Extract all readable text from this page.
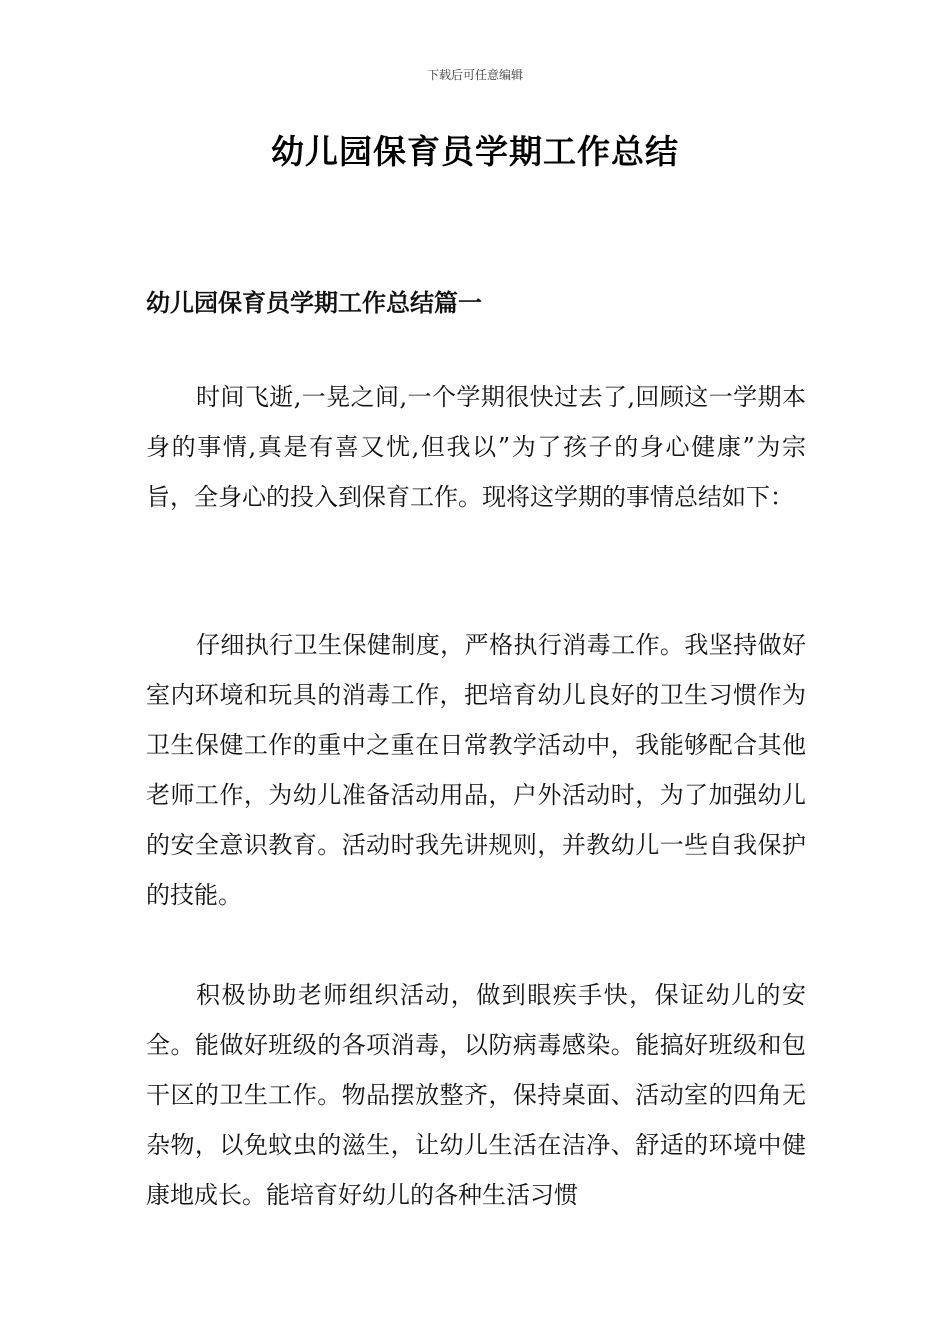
下载后可任意编辑
幼儿园保育员学期工作总结
幼儿园保育员学期工作总结篇一

时间飞逝,一晃之间,一个学期很快过去了,回顾这一学期本身的事情,真是有喜又忧,但我以”为了孩子的身心健康”为宗旨，全身心的投入到保育工作。现将这学期的事情总结如下：

仔细执行卫生保健制度，严格执行消毒工作。我坚持做好室内环境和玩具的消毒工作，把培育幼儿良好的卫生习惯作为卫生保健工作的重中之重在日常教学活动中，我能够配合其他老师工作，为幼儿准备活动用品，户外活动时，为了加强幼儿的安全意识教育。活动时我先讲规则，并教幼儿一些自我保护的技能。

积极协助老师组织活动，做到眼疾手快，保证幼儿的安全。能做好班级的各项消毒，以防病毒感染。能搞好班级和包干区的卫生工作。物品摆放整齐，保持桌面、活动室的四角无杂物，以免蚊虫的滋生，让幼儿生活在洁净、舒适的环境中健康地成长。能培育好幼儿的各种生活习惯
